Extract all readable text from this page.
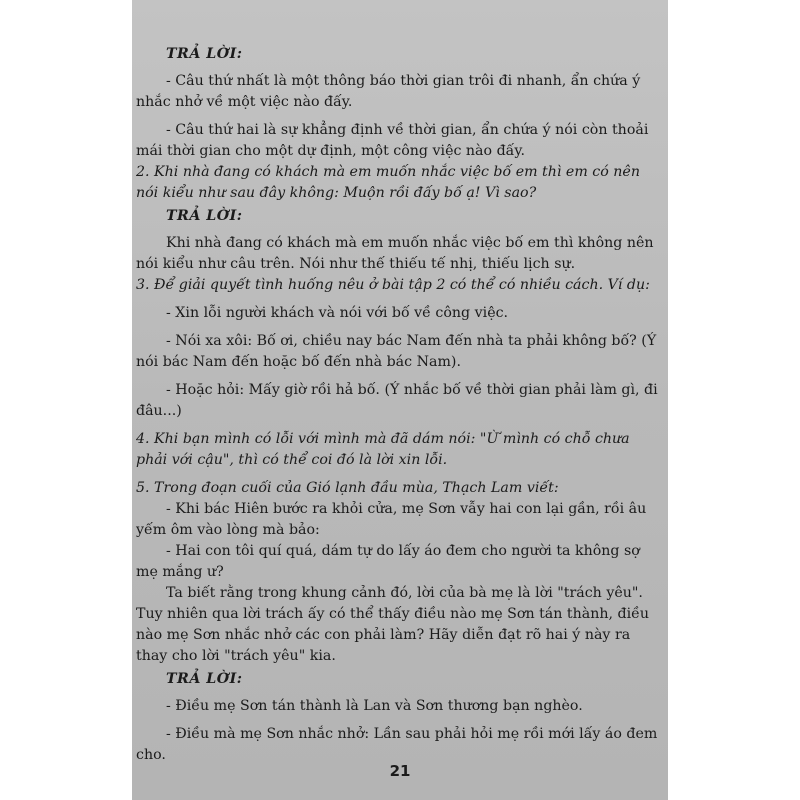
TRẢ LỜI:

- Câu thứ nhất là một thông báo thời gian trôi đi nhanh, ẩn chứa ý nhắc nhở về một việc nào đấy.

- Câu thứ hai là sự khẳng định về thời gian, ẩn chứa ý nói còn thoải mái thời gian cho một dự định, một công việc nào đấy.

2. Khi nhà đang có khách mà em muốn nhắc việc bố em thì em có nên nói kiểu như sau đây không: Muộn rồi đấy bố ạ! Vì sao?

TRẢ LỜI:

Khi nhà đang có khách mà em muốn nhắc việc bố em thì không nên nói kiểu như câu trên. Nói như thế thiếu tế nhị, thiếu lịch sự.

3. Để giải quyết tình huống nêu ở bài tập 2 có thể có nhiều cách. Ví dụ:

- Xin lỗi người khách và nói với bố về công việc.

- Nói xa xôi: Bố ơi, chiều nay bác Nam đến nhà ta phải không bố? (Ý nói bác Nam đến hoặc bố đến nhà bác Nam).

- Hoặc hỏi: Mấy giờ rồi hả bố. (Ý nhắc bố về thời gian phải làm gì, đi đâu...)

4. Khi bạn mình có lỗi với mình mà đã dám nói: "Ừ mình có chỗ chưa phải với cậu", thì có thể coi đó là lời xin lỗi.

5. Trong đoạn cuối của Gió lạnh đầu mùa, Thạch Lam viết:

- Khi bác Hiên bước ra khỏi cửa, mẹ Sơn vẫy hai con lại gần, rồi âu yếm ôm vào lòng mà bảo:

- Hai con tôi quí quá, dám tự do lấy áo đem cho người ta không sợ mẹ mắng ư?

Ta biết rằng trong khung cảnh đó, lời của bà mẹ là lời "trách yêu". Tuy nhiên qua lời trách ấy có thể thấy điều nào mẹ Sơn tán thành, điều nào mẹ Sơn nhắc nhở các con phải làm? Hãy diễn đạt rõ hai ý này ra thay cho lời "trách yêu" kia.

TRẢ LỜI:

- Điều mẹ Sơn tán thành là Lan và Sơn thương bạn nghèo.

- Điều mà mẹ Sơn nhắc nhở: Lần sau phải hỏi mẹ rồi mới lấy áo đem cho.

21
